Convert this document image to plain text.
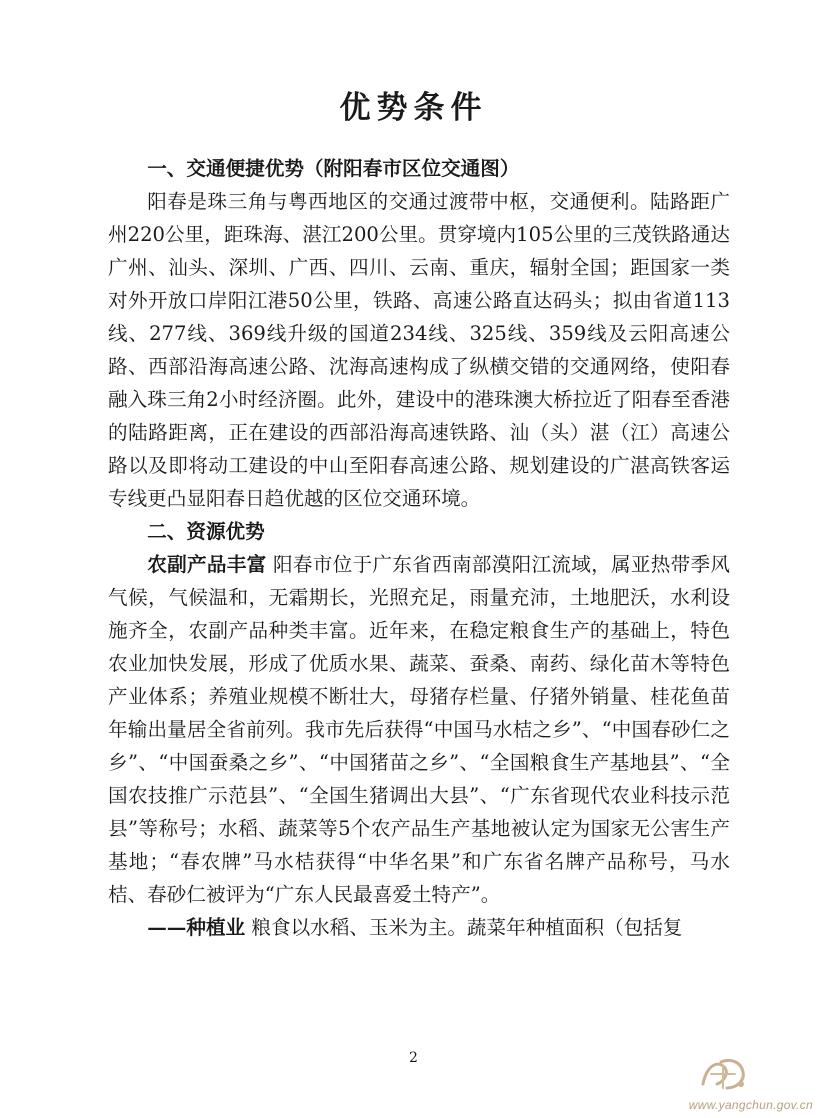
优势条件

一、交通便捷优势（附阳春市区位交通图）

阳春是珠三角与粤西地区的交通过渡带中枢，交通便利。陆路距广州220公里，距珠海、湛江200公里。贯穿境内105公里的三茂铁路通达广州、汕头、深圳、广西、四川、云南、重庆，辐射全国；距国家一类对外开放口岸阳江港50公里，铁路、高速公路直达码头；拟由省道113线、277线、369线升级的国道234线、325线、359线及云阳高速公路、西部沿海高速公路、沈海高速构成了纵横交错的交通网络，使阳春融入珠三角2小时经济圈。此外，建设中的港珠澳大桥拉近了阳春至香港的陆路距离，正在建设的西部沿海高速铁路、汕（头）湛（江）高速公路以及即将动工建设的中山至阳春高速公路、规划建设的广湛高铁客运专线更凸显阳春日趋优越的区位交通环境。

二、资源优势

农副产品丰富 阳春市位于广东省西南部漠阳江流域，属亚热带季风气候，气候温和，无霜期长，光照充足，雨量充沛，土地肥沃，水利设施齐全，农副产品种类丰富。近年来，在稳定粮食生产的基础上，特色农业加快发展，形成了优质水果、蔬菜、蚕桑、南药、绿化苗木等特色产业体系；养殖业规模不断壮大，母猪存栏量、仔猪外销量、桂花鱼苗年输出量居全省前列。我市先后获得“中国马水桔之乡”、“中国春砂仁之乡”、“中国蚕桑之乡”、“中国猪苗之乡”、“全国粮食生产基地县”、“全国农技推广示范县”、“全国生猪调出大县”、“广东省现代农业科技示范县”等称号；水稻、蔬菜等5个农产品生产基地被认定为国家无公害生产基地；“春农牌”马水桔获得“中华名果”和广东省名牌产品称号，马水桔、春砂仁被评为“广东人民最喜爱土特产”。

——种植业 粮食以水稻、玉米为主。蔬菜年种植面积（包括复

2
www.yangchun.gov.cn
